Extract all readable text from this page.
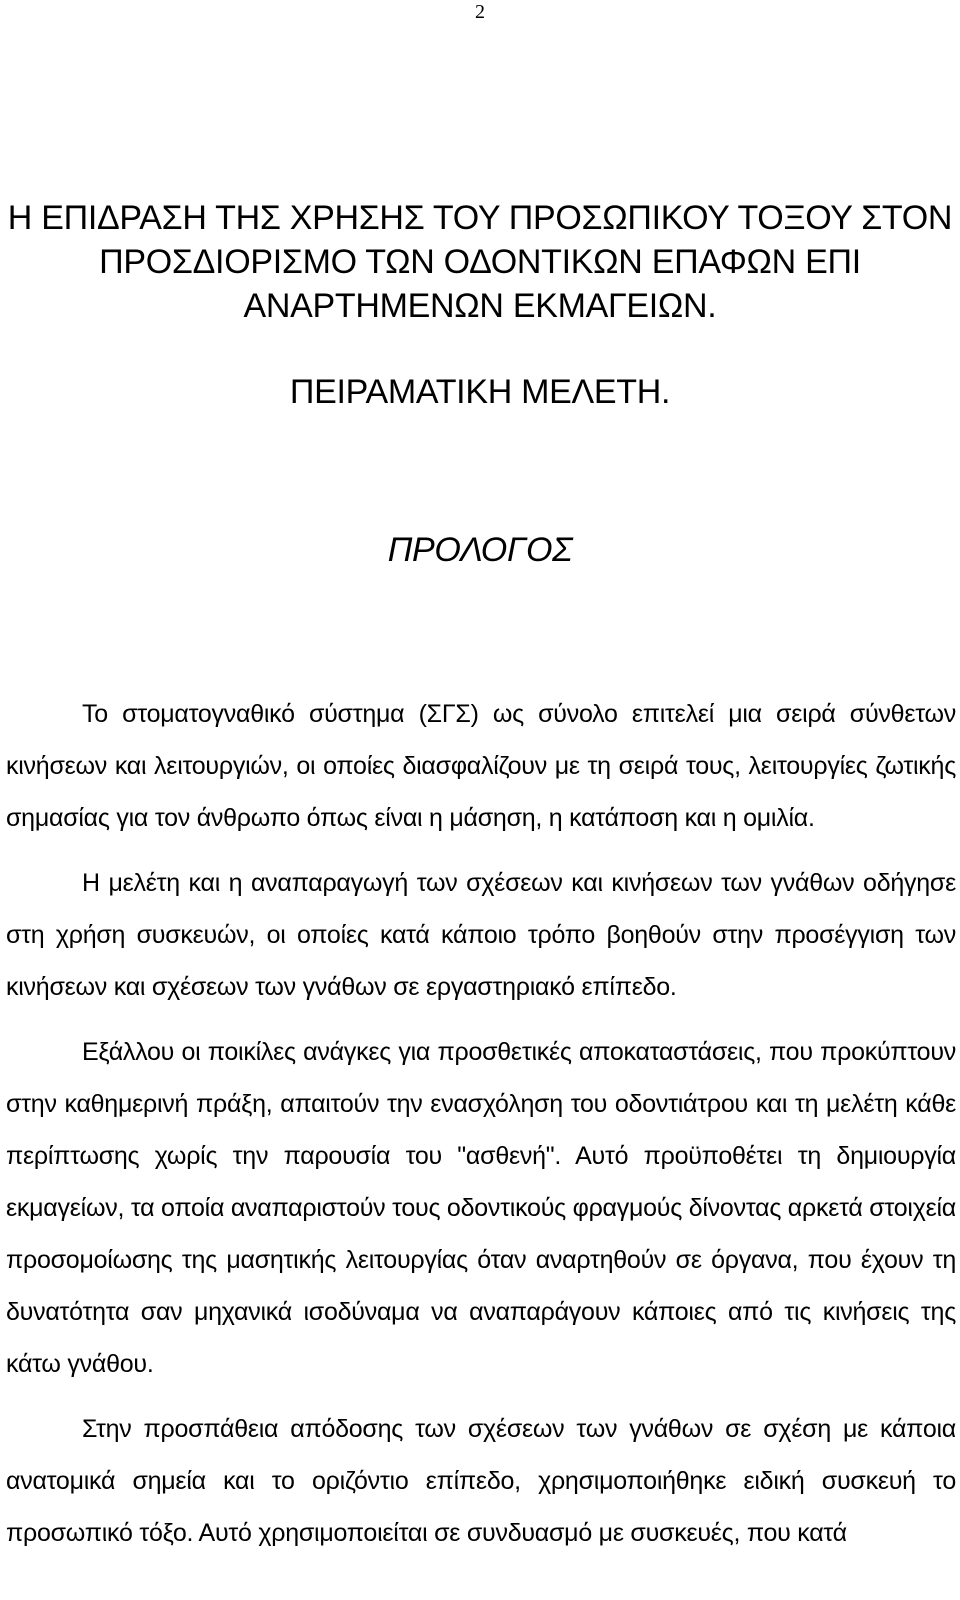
2
Η ΕΠΙΔΡΑΣΗ ΤΗΣ ΧΡΗΣΗΣ ΤΟΥ ΠΡΟΣΩΠΙΚΟΥ ΤΟΞΟΥ ΣΤΟΝ
ΠΡΟΣΔΙΟΡΙΣΜΟ ΤΩΝ ΟΔΟΝΤΙΚΩΝ ΕΠΑΦΩΝ ΕΠΙ
ΑΝΑΡΤΗΜΕΝΩΝ ΕΚΜΑΓΕΙΩΝ.
ΠΕΙΡΑΜΑΤΙΚΗ ΜΕΛΕΤΗ.
ΠΡΟΛΟΓΟΣ

Το στοματογναθικό σύστημα (ΣΓΣ) ως σύνολο επιτελεί μια σειρά σύνθετων κινήσεων και λειτουργιών, οι οποίες διασφαλίζουν με τη σειρά τους, λειτουργίες ζωτικής σημασίας για τον άνθρωπο όπως είναι η μάσηση, η κατάποση και η ομιλία.

Η μελέτη και η αναπαραγωγή των σχέσεων και κινήσεων των γνάθων οδήγησε στη χρήση συσκευών, οι οποίες κατά κάποιο τρόπο βοηθούν στην προσέγγιση των κινήσεων και σχέσεων των γνάθων σε εργαστηριακό επίπεδο.

Εξάλλου οι ποικίλες ανάγκες για προσθετικές αποκαταστάσεις, που προκύπτουν στην καθημερινή πράξη, απαιτούν την ενασχόληση του οδοντιάτρου και τη μελέτη κάθε περίπτωσης χωρίς την παρουσία του "ασθενή". Αυτό προϋποθέτει τη δημιουργία εκμαγείων, τα οποία αναπαριστούν τους οδοντικούς φραγμούς δίνοντας αρκετά στοιχεία προσομοίωσης της μασητικής λειτουργίας όταν αναρτηθούν σε όργανα, που έχουν τη δυνατότητα σαν μηχανικά ισοδύναμα να αναπαράγουν κάποιες από τις κινήσεις της κάτω γνάθου.

Στην προσπάθεια απόδοσης των σχέσεων των γνάθων σε σχέση με κάποια ανατομικά σημεία και το οριζόντιο επίπεδο, χρησιμοποιήθηκε ειδική συσκευή το προσωπικό τόξο. Αυτό χρησιμοποιείται σε συνδυασμό με συσκευές, που κατά
